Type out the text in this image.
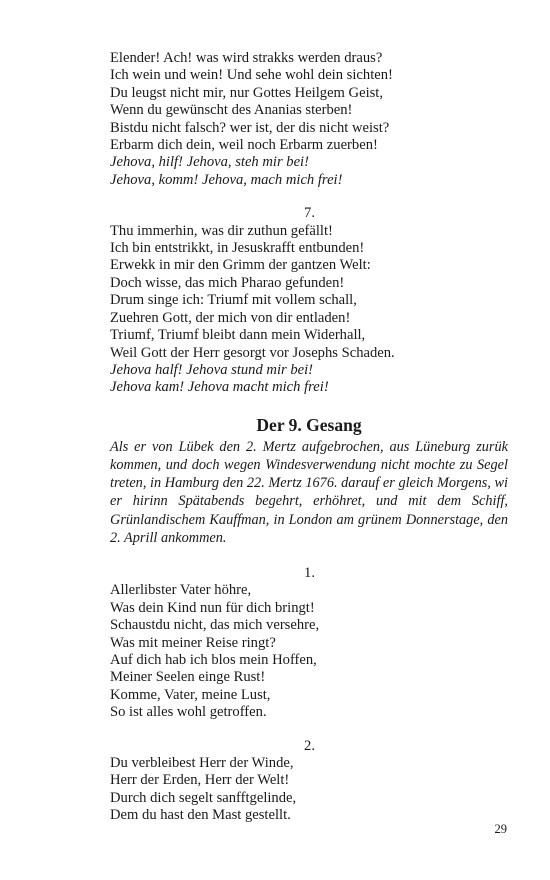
Elender! Ach! was wird strakks werden draus?
Ich wein und wein! Und sehe wohl dein sichten!
Du leugst nicht mir, nur Gottes Heilgem Geist,
Wenn du gewünscht des Ananias sterben!
Bistdu nicht falsch? wer ist, der dis nicht weist?
Erbarm dich dein, weil noch Erbarm zuerben!
Jehova, hilf! Jehova, steh mir bei!
Jehova, komm! Jehova, mach mich frei!
7.
Thu immerhin, was dir zuthun gefällt!
Ich bin entstrikkt, in Jesuskrafft entbunden!
Erwekk in mir den Grimm der gantzen Welt:
Doch wisse, das mich Pharao gefunden!
Drum singe ich: Triumf mit vollem schall,
Zuehren Gott, der mich von dir entladen!
Triumf, Triumf bleibt dann mein Widerhall,
Weil Gott der Herr gesorgt vor Josephs Schaden.
Jehova half! Jehova stund mir bei!
Jehova kam! Jehova macht mich frei!
Der 9. Gesang
Als er von Lübek den 2. Mertz aufgebrochen, aus Lüneburg zurük kommen, und doch wegen Windesverwendung nicht mochte zu Segel treten, in Hamburg den 22. Mertz 1676. darauf er gleich Morgens, wi er hirinn Spätabends begehrt, erhöhret, und mit dem Schiff, Grünlandischem Kauffman, in London am grünem Donnerstage, den 2. Aprill ankommen.
1.
Allerlibster Vater höhre,
Was dein Kind nun für dich bringt!
Schaustdu nicht, das mich versehre,
Was mit meiner Reise ringt?
Auf dich hab ich blos mein Hoffen,
Meiner Seelen einge Rust!
Komme, Vater, meine Lust,
So ist alles wohl getroffen.
2.
Du verbleibest Herr der Winde,
Herr der Erden, Herr der Welt!
Durch dich segelt sanfftgelinde,
Dem du hast den Mast gestellt.
29
